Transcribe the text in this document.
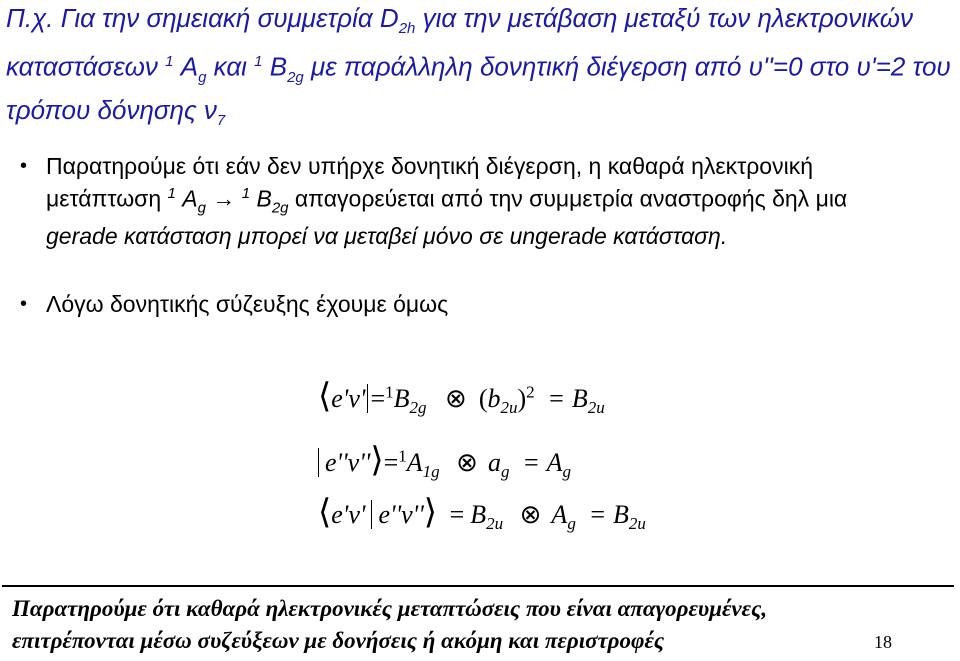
Π.χ. Για την σημειακή συμμετρία $D_{2h}$ για την μετάβαση μεταξύ των ηλεκτρονικών
καταστάσεων $^1$ $A_g$ και $^1$ $B_{2g}$ με παράλληλη δονητική διέγερση από υ''=0 στο υ'=2 του
τρόπου δόνησης $\nu_7$
• Παρατηρούμε ότι εάν δεν υπήρχε δονητική διέγερση, η καθαρά ηλεκτρονική
μετάπτωση $^1$ $A_g \to ^1$ $B_{2g}$ απαγορεύεται από την συμμετρία αναστροφής δηλ μια
gerade κατάσταση μπορεί να μεταβεί μόνο σε ungerade κατάσταση.
• Λόγω δονητικής σύζευξης έχουμε όμως
⟨e'v' $=^1B_{2g}$ ⊗ $(b_{2u})^2 = B_{2u}$
$e''v''⟩=^1A_{1g}$ ⊗ $a_g = A_g$
⟨e'v' e''v''⟩ = $B_{2u}$ ⊗ $A_g = B_{2u}$
Παρατηρούμε ότι καθαρά ηλεκτρονικές μεταπτώσεις που είναι απαγορευμένες,
επιτρέπονται μέσω συζεύξεων με δονήσεις ή ακόμη και περιστροφές	18
